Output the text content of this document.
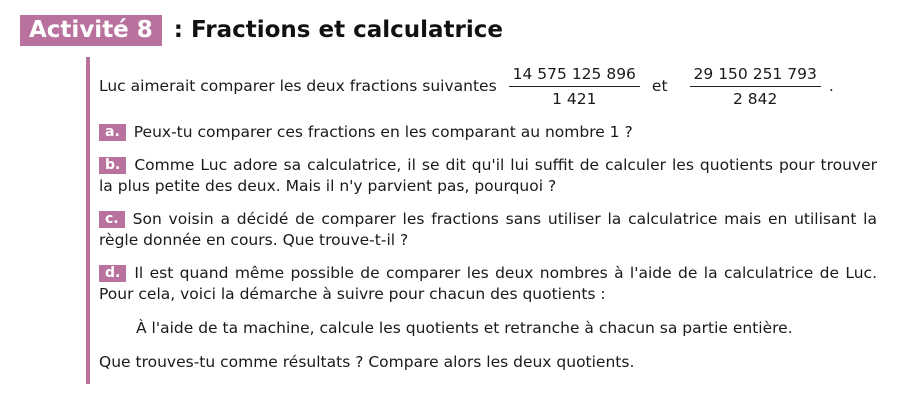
Activité 8 : Fractions et calculatrice
Luc aimerait comparer les deux fractions suivantes $\frac{14 575 125 896}{1 421}$ et $\frac{29 150 251 793}{2 842}$ .
a. Peux-tu comparer ces fractions en les comparant au nombre 1 ?
b. Comme Luc adore sa calculatrice, il se dit qu'il lui suffit de calculer les quotients pour trouver la plus petite des deux. Mais il n'y parvient pas, pourquoi ?
c. Son voisin a décidé de comparer les fractions sans utiliser la calculatrice mais en utilisant la règle donnée en cours. Que trouve-t-il ?
d. Il est quand même possible de comparer les deux nombres à l'aide de la calculatrice de Luc. Pour cela, voici la démarche à suivre pour chacun des quotients :
À l'aide de ta machine, calcule les quotients et retranche à chacun sa partie entière.
Que trouves-tu comme résultats ? Compare alors les deux quotients.
